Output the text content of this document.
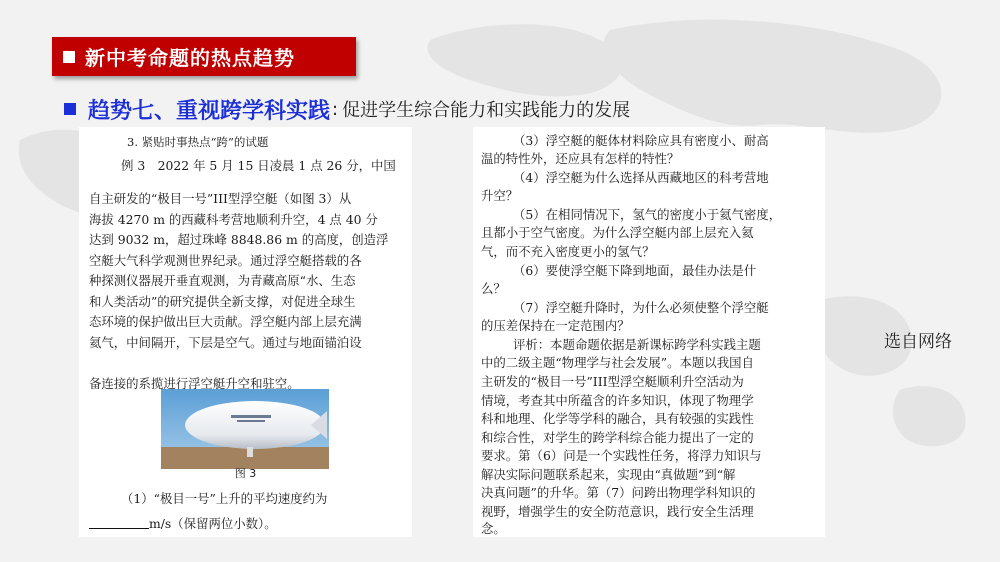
新中考命题的热点趋势
趋势七、重视跨学科实践 : 促进学生综合能力和实践能力的发展
3. 紧贴时事热点“跨”的试题
例 3　2022 年 5 月 15 日凌晨 1 点 26 分，中国
自主研发的“极目一号”III型浮空艇（如图 3）从
海拔 4270 m 的西藏科考营地顺利升空，4 点 40 分
达到 9032 m，超过珠峰 8848.86 m 的高度，创造浮
空艇大气科学观测世界纪录。通过浮空艇搭载的各
种探测仪器展开垂直观测，为青藏高原“水、生态
和人类活动”的研究提供全新支撑，对促进全球生
态环境的保护做出巨大贡献。浮空艇内部上层充满
氦气，中间隔开，下层是空气。通过与地面锚泊设
图 3
（1）“极目一号”上升的平均速度约为
m/s（保留两位小数）。
备连接的系揽进行浮空艇升空和驻空。
（3）浮空艇的艇体材料除应具有密度小、耐高
温的特性外，还应具有怎样的特性？
（4）浮空艇为什么选择从西藏地区的科考营地
升空？
（5）在相同情况下，氢气的密度小于氦气密度，
且都小于空气密度。为什么浮空艇内部上层充入氦
气，而不充入密度更小的氢气？
（6）要使浮空艇下降到地面，最佳办法是什
么？
（7）浮空艇升降时，为什么必须使整个浮空艇
的压差保持在一定范围内？
评析：本题命题依据是新课标跨学科实践主题
中的二级主题“物理学与社会发展”。本题以我国自
主研发的“极目一号”III型浮空艇顺利升空活动为
情境，考查其中所蕴含的许多知识，体现了物理学
科和地理、化学等学科的融合，具有较强的实践性
和综合性，对学生的跨学科综合能力提出了一定的
要求。第（6）问是一个实践性任务，将浮力知识与
解决实际问题联系起来，实现由“真做题”到“解
决真问题”的升华。第（7）问跨出物理学科知识的
视野，增强学生的安全防范意识，践行安全生活理
念。
选自网络
